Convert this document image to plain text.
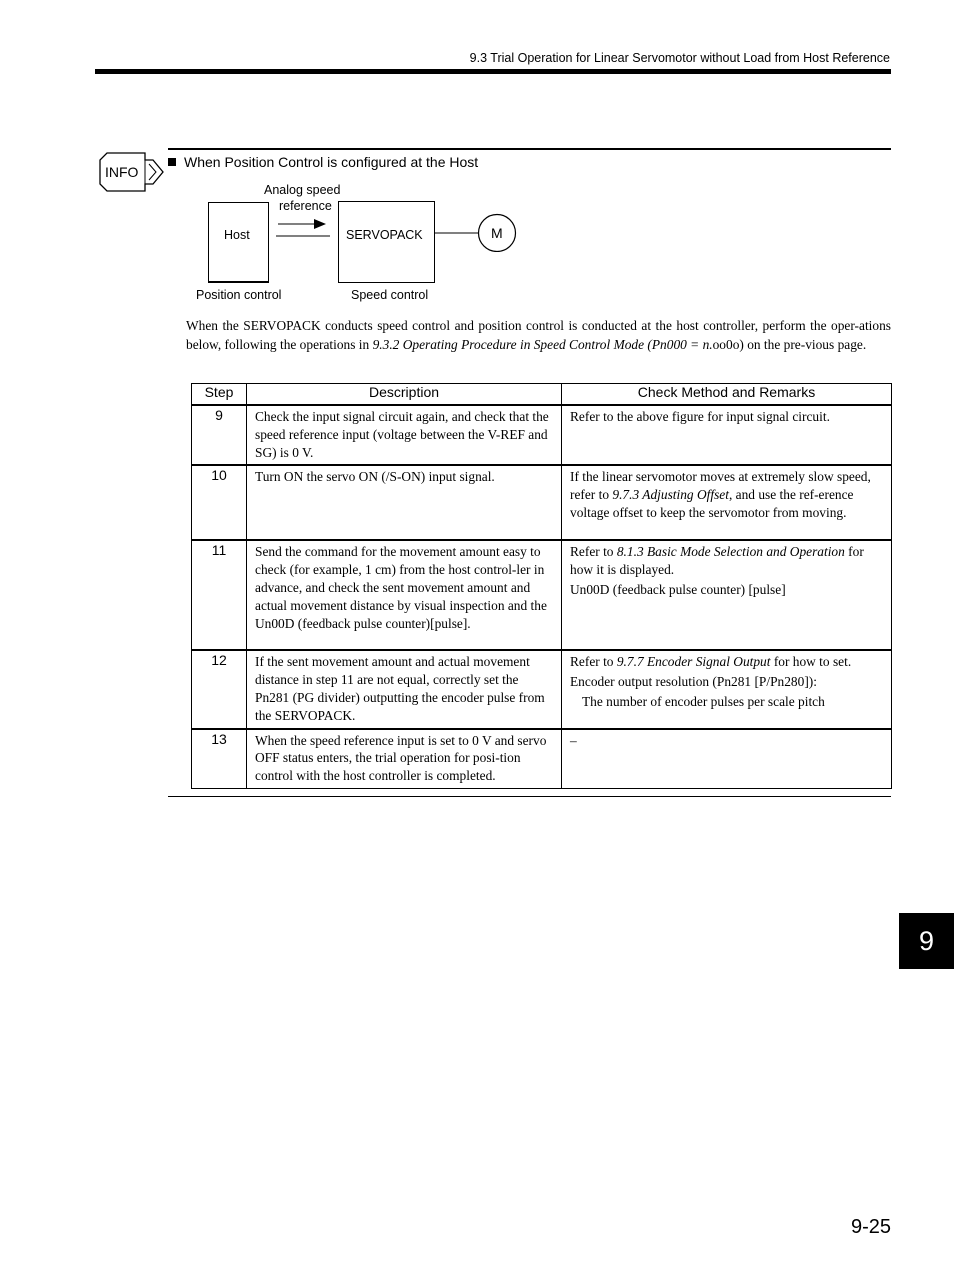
9.3 Trial Operation for Linear Servomotor without Load from Host Reference
INFO
When Position Control is configured at the Host
Host
Analog speed
reference
SERVOPACK	M
Position control	Speed control
When the SERVOPACK conducts speed control and position control is conducted at the host controller, perform the oper-ations below, following the operations in 9.3.2 Operating Procedure in Speed Control Mode (Pn000 = n.oo0o) on the pre-vious page.
Step	Description	Check Method and Remarks
9	Check the input signal circuit again, and check that the speed reference input (voltage between the V-REF and SG) is 0 V.	Refer to the above figure for input signal circuit.
10	Turn ON the servo ON (/S-ON) input signal.	If the linear servomotor moves at extremely slow speed, refer to 9.7.3 Adjusting Offset, and use the ref-erence voltage offset to keep the servomotor from moving.
11	Send the command for the movement amount easy to check (for example, 1 cm) from the host control-ler in advance, and check the sent movement amount and actual movement distance by visual inspection and the Un00D (feedback pulse counter)[pulse].	Refer to 8.1.3 Basic Mode Selection and Operation for how it is displayed.
Un00D (feedback pulse counter) [pulse]

12	If the sent movement amount and actual movement distance in step 11 are not equal, correctly set the Pn281 (PG divider) outputting the encoder pulse from the SERVOPACK.	Refer to 9.7.7 Encoder Signal Output for how to set.
Encoder output resolution (Pn281 [P/Pn280]):
The number of encoder pulses per scale pitch

13	When the speed reference input is set to 0 V and servo OFF status enters, the trial operation for posi-tion control with the host controller is completed.	–
9
9-25
